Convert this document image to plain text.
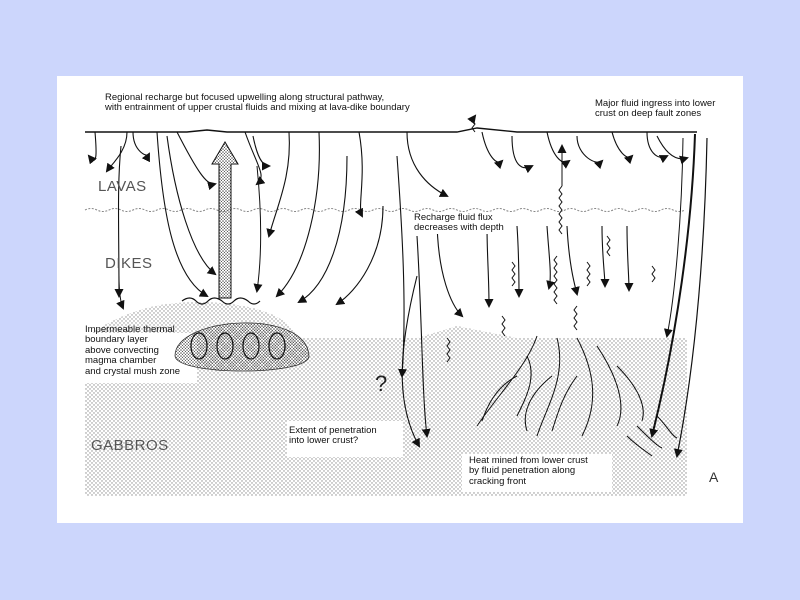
Regional recharge but focused upwelling along structural pathway,
with entrainment of upper crustal fluids and mixing at lava-dike boundary	Major fluid ingress into lower
crust on deep fault zones
LAVAS
DIKES
GABBROS
Recharge fluid flux
decreases with depth
Impermeable thermal
boundary layer
above convecting
magma chamber
and crystal mush zone	?
Extent of penetration
into lower crust?
Heat mined from lower crust
by fluid penetration along
cracking front	A
